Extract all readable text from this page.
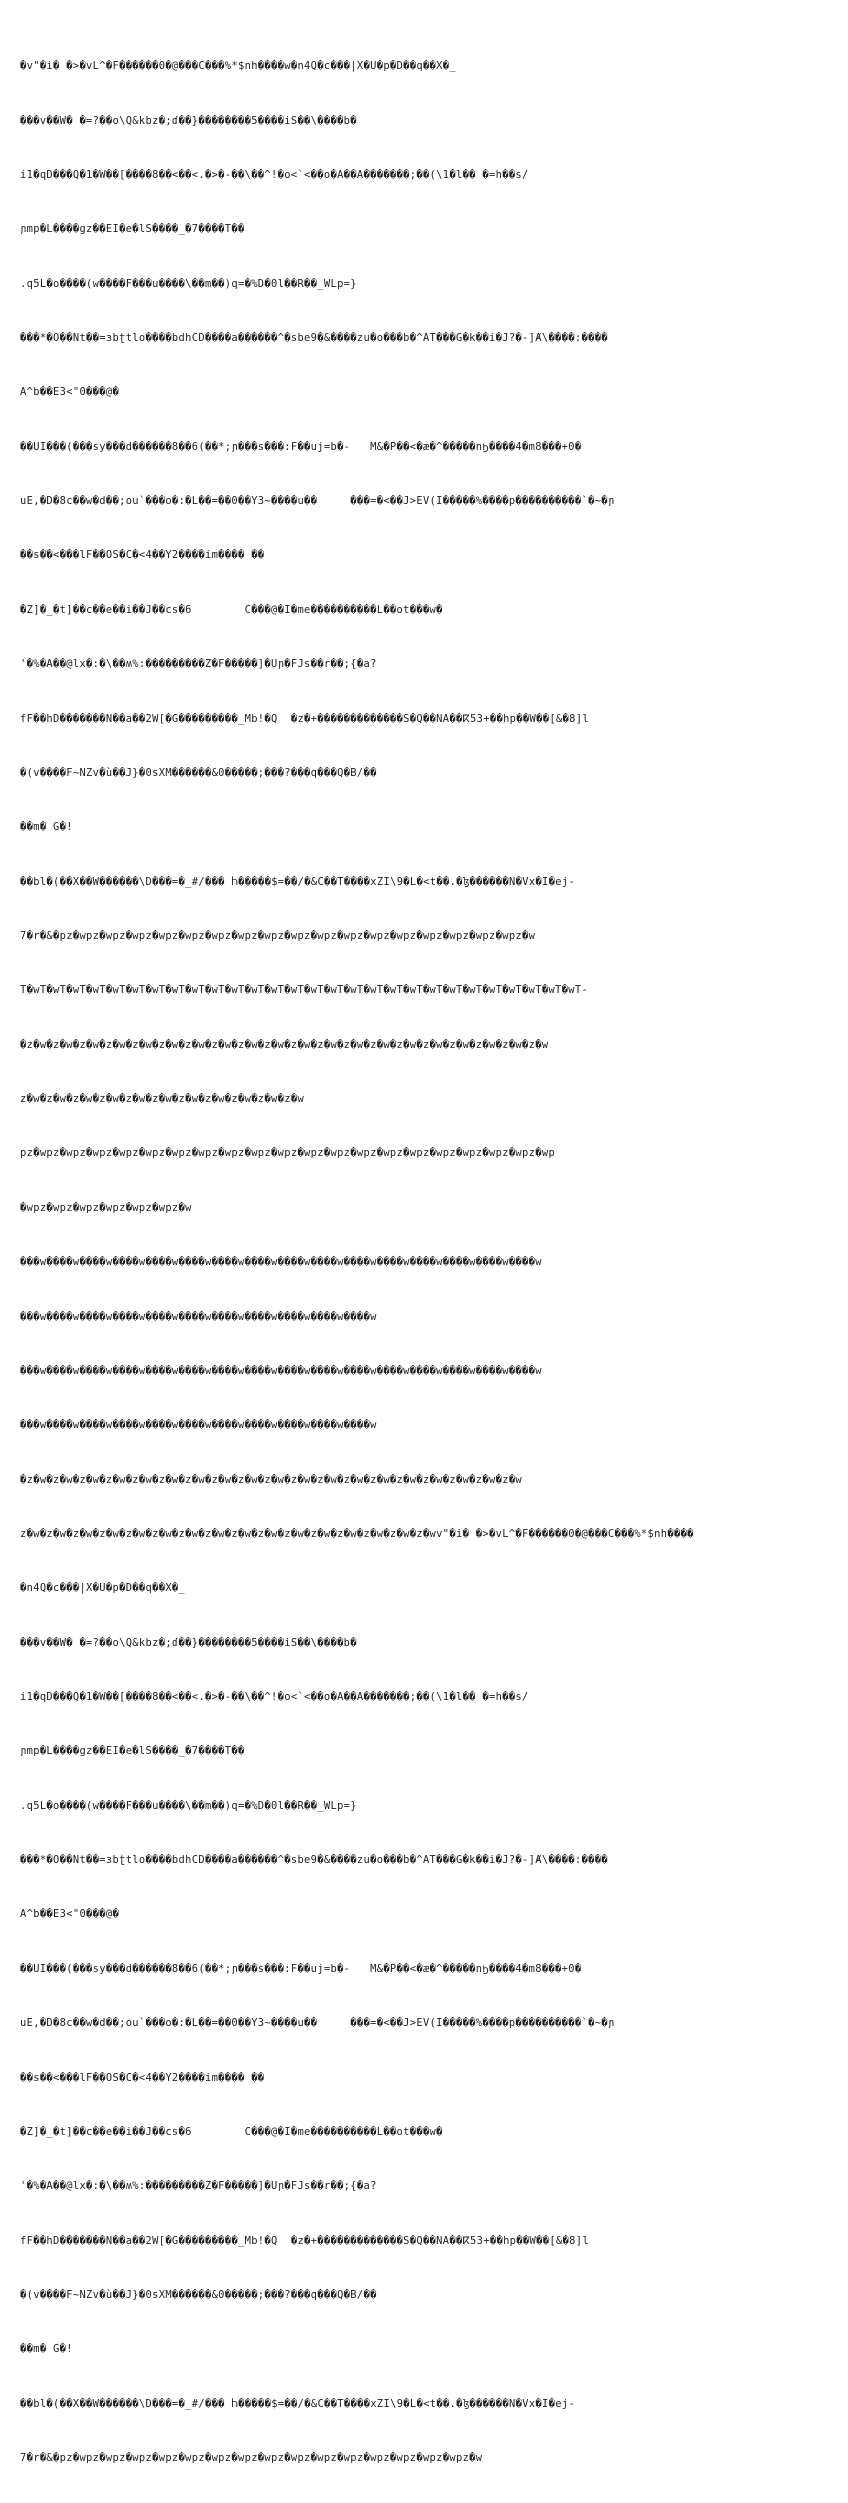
�v"�i� �>�vL^�F������0�@���C���%*$nh����w�n4Q�c���|X�U�p�D��q��X�_

���v��W� �=?��o\Q&kbz�;ɗ��}��������5����iS��\����b�

i1�qD���Q�1�W��[����8��<��<.�>�-��\��^!�o<`<��o�A��A�������;��(\1�l�� �=h��s/

ɲmp�L����gz��EI�e�lS����_�7����T��

.q5L�o����(w����F���u����\��m��)q=�%D�0l��R��_WLp=}

���*�O��Nt��=ɜbʈtlo����bdhCD����a������^�sbe9�&����zu�o���b�^AT���G�k��i�J?�-]Ⱥ\����:����

A^b��E3<"0���@�

��UI���(���sy���d������8��6(��*;ɲ���s���:F��uj=b�-   M&�P��<�æ�^�����nϦ����4�m8���+0�

uE,�D�8c��w�d��;ou`���o�:�L��=��0��Y3~����u��     ���=�<��J>EV(I�����%����p����������`�~�ɲ

��s��<���lF��OS�C�<4��Y2����im���� ��

�Z]�_�t]��c��e��i��J��cs�6        C���@�I�me����������L��ot���w�

'�%�A��@lx�:�\��ʍ%:���������Z�F�����]�Uɲ�FJs��r��;{�a?

fF��hD�������N��a��2W[�G���������_Mb!�Q  �z�+�������������S�Q��NA��ⴽ53+��hp��W��[&�8]l

�(v����F~NZv�ù��J}�0sXM������&0�����;���?���q���Q�B/��

��m� G�!

��bl�(��X��W������\D���=�_#/��� Ⴙ�����$=��/�&C��T����xZI\9�L�<t��.�ɮ������N�Vx�I�ej-

7�r�&�pz�wpz�wpz�wpz�wpz�wpz�wpz�wpz�wpz�wpz�wpz�wpz�wpz�wpz�wpz�wpz�wpz�wpz�w

T�wT�wT�wT�wT�wT�wT�wT�wT�wT�wT�wT�wT�wT�wT�wT�wT�wT�wT�wT�wT�wT�wT�wT�wT�wT�wT�wT�wT-

�z�w�z�w�z�w�z�w�z�w�z�w�z�w�z�w�z�w�z�w�z�w�z�w�z�w�z�w�z�w�z�w�z�w�z�w�z�w�z�w

z�w�z�w�z�w�z�w�z�w�z�w�z�w�z�w�z�w�z�w�z�w

pz�wpz�wpz�wpz�wpz�wpz�wpz�wpz�wpz�wpz�wpz�wpz�wpz�wpz�wpz�wpz�wpz�wpz�wpz�wpz�wp

�wpz�wpz�wpz�wpz�wpz�wpz�w

���w����w����w����w����w����w����w����w����w����w����w����w����w����w����w����w

���w����w����w����w����w����w����w����w����w����w����w

���w����w����w����w����w����w����w����w����w����w����w����w����w����w����w����w

���w����w����w����w����w����w����w����w����w����w����w

�z�w�z�w�z�w�z�w�z�w�z�w�z�w�z�w�z�w�z�w�z�w�z�w�z�w�z�w�z�w�z�w�z�w�z�w�z�w

z�w�z�w�z�w�z�w�z�w�z�w�z�w�z�w�z�w�z�w�z�w�z�w�z�w�z�w�z�w�z�wv"�i� �>�vL^�F������0�@���C���%*$nh����

�n4Q�c���|X�U�p�D��q��X�_

���v��W� �=?��o\Q&kbz�;ɗ��}��������5����iS��\����b�

i1�qD���Q�1�W��[����8��<��<.�>�-��\��^!�o<`<��o�A��A�������;��(\1�l�� �=h��s/

ɲmp�L����gz��EI�e�lS����_�7����T��

.q5L�o����(w����F���u����\��m��)q=�%D�0l��R��_WLp=}

���*�O��Nt��=ɜbʈtlo����bdhCD����a������^�sbe9�&����zu�o���b�^AT���G�k��i�J?�-]Ⱥ\����:����

A^b��E3<"0���@�

��UI���(���sy���d������8��6(��*;ɲ���s���:F��uj=b�-   M&�P��<�æ�^�����nϦ����4�m8���+0�

uE,�D�8c��w�d��;ou`���o�:�L��=��0��Y3~����u��     ���=�<��J>EV(I�����%����p����������`�~�ɲ

��s��<���lF��OS�C�<4��Y2����im���� ��

�Z]�_�t]��c��e��i��J��cs�6        C���@�I�me����������L��ot���w�

'�%�A��@lx�:�\��ʍ%:���������Z�F�����]�Uɲ�FJs��r��;{�a?

fF��hD�������N��a��2W[�G���������_Mb!�Q  �z�+�������������S�Q��NA��ⴽ53+��hp��W��[&�8]l

�(v����F~NZv�ù��J}�0sXM������&0�����;���?���q���Q�B/��

��m� G�!

��bl�(��X��W������\D���=�_#/��� Ⴙ�����$=��/�&C��T����xZI\9�L�<t��.�ɮ������N�Vx�I�ej-

7�r�&�pz�wpz�wpz�wpz�wpz�wpz�wpz�wpz�wpz�wpz�wpz�wpz�wpz�wpz�wpz�wpz�w
